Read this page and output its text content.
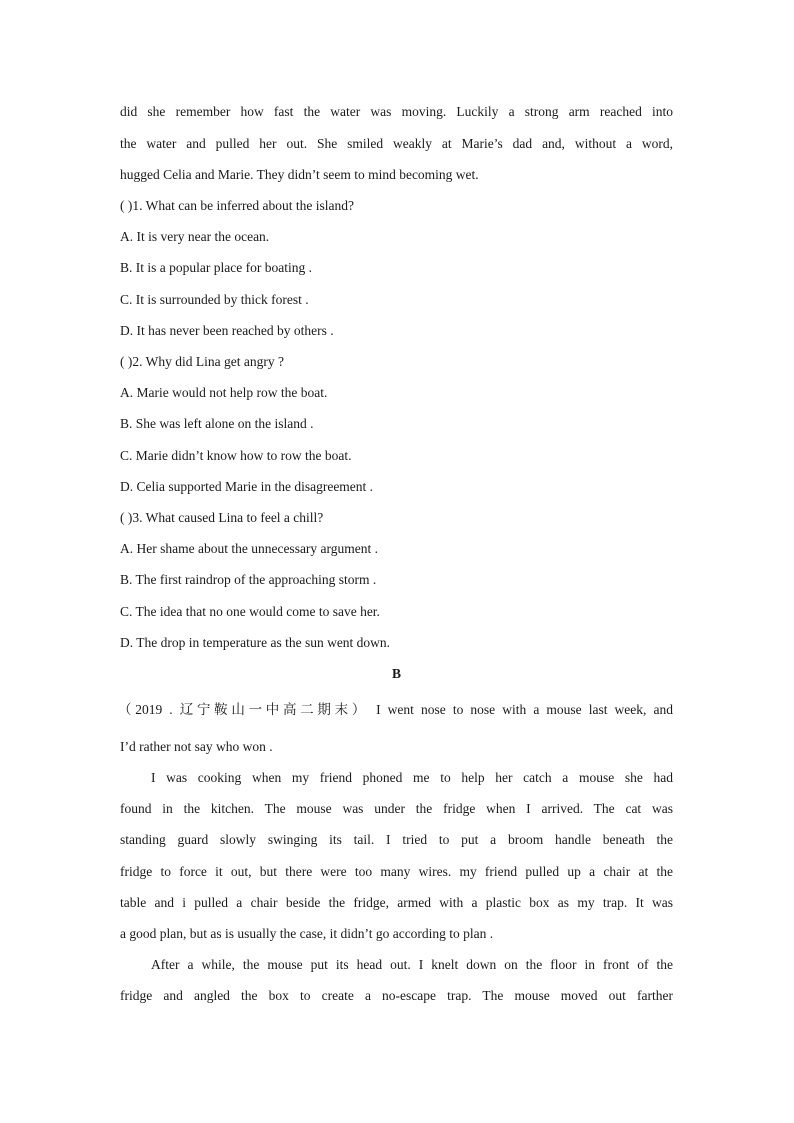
did she remember how fast the water was moving. Luckily a strong arm reached into
the water and pulled her out. She smiled weakly at Marie’s dad and, without a word,
hugged Celia and Marie. They didn’t seem to mind becoming wet.
( )1. What can be inferred about the island?
A. It is very near the ocean.
B. It is a popular place for boating .
C. It is surrounded by thick forest .
D. It has never been reached by others .
( )2. Why did Lina get angry ?
A. Marie would not help row the boat.
B. She was left alone on the island .
C. Marie didn’t know how to row the boat.
D. Celia supported Marie in the disagreement .
( )3. What caused Lina to feel a chill?
A. Her shame about the unnecessary argument .
B. The first raindrop of the approaching storm .
C. The idea that no one would come to save her.
D. The drop in temperature as the sun went down.
B
（2019 . 辽宁鞍山一中高二期末） I went nose to nose with a mouse last week, and
I’d rather not say who won .
I was cooking when my friend phoned me to help her catch a mouse she had
found in the kitchen. The mouse was under the fridge when I arrived. The cat was
standing guard slowly swinging its tail. I tried to put a broom handle beneath the
fridge to force it out, but there were too many wires. my friend pulled up a chair at the
table and i pulled a chair beside the fridge, armed with a plastic box as my trap. It was
a good plan, but as is usually the case, it didn’t go according to plan .
After a while, the mouse put its head out. I knelt down on the floor in front of the
fridge and angled the box to create a no-escape trap. The mouse moved out farther
